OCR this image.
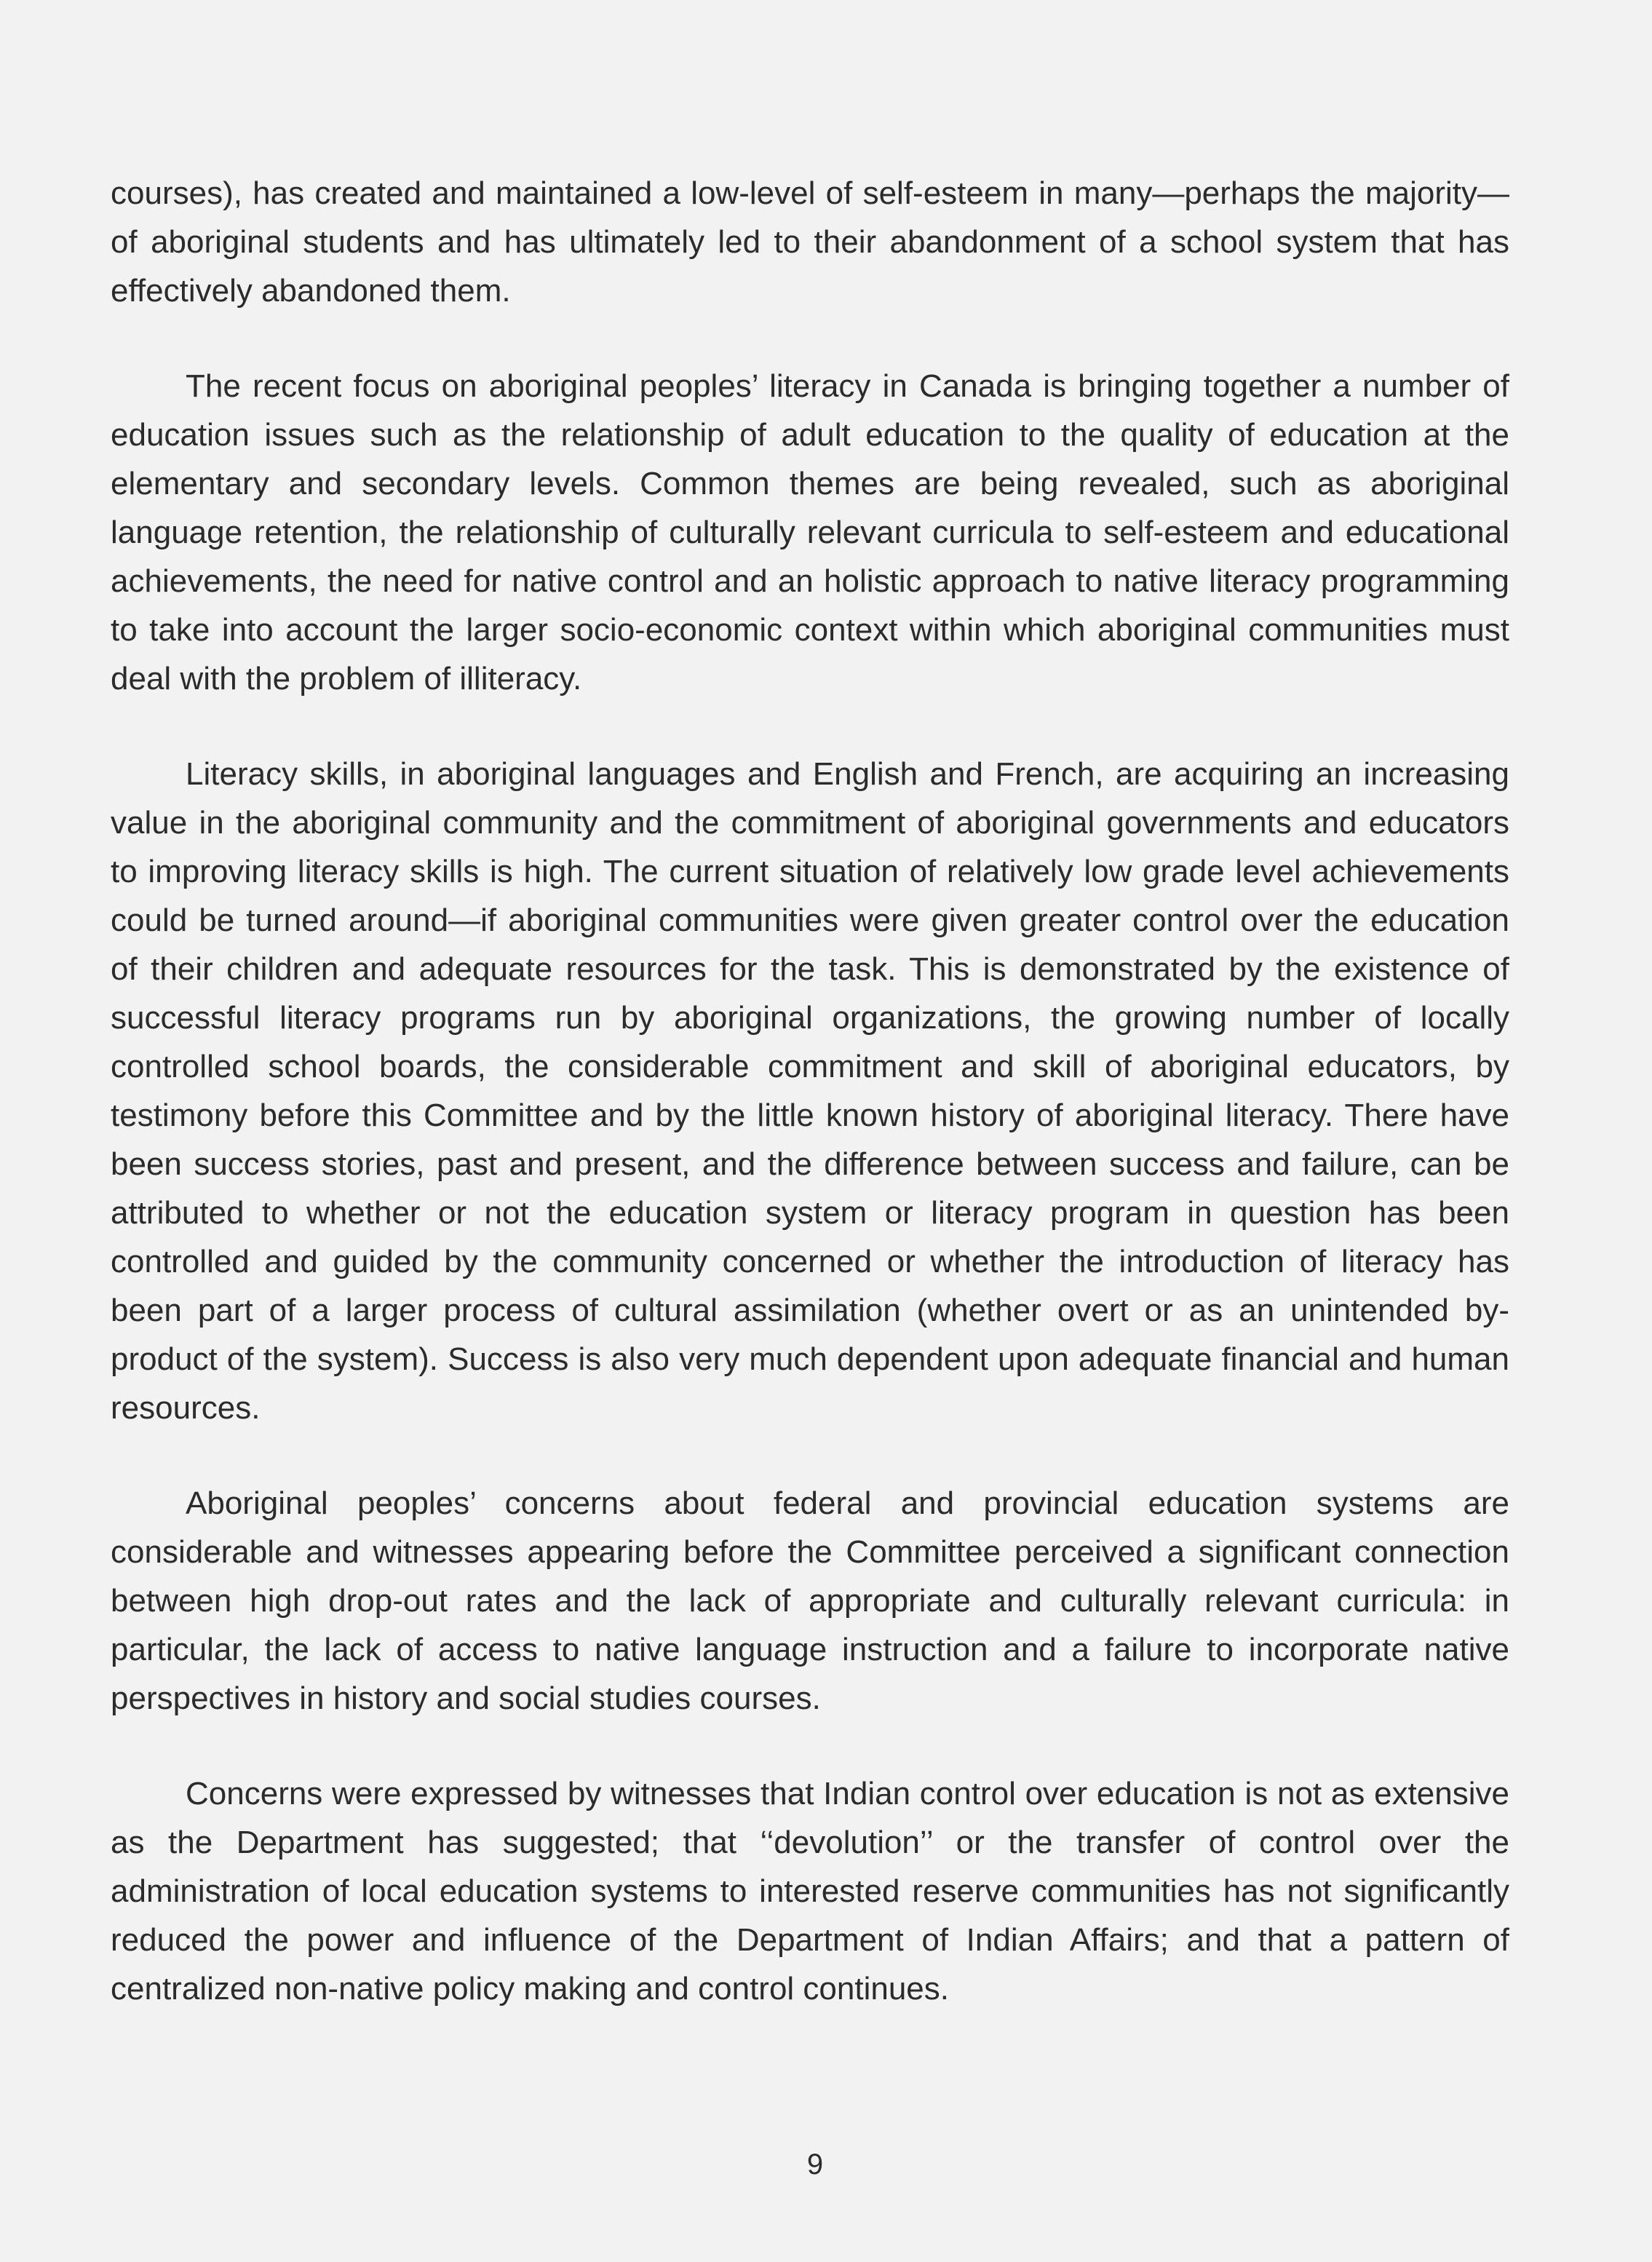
courses), has created and maintained a low-level of self-esteem in many—perhaps the majority—of aboriginal students and has ultimately led to their abandonment of a school system that has effectively abandoned them.

The recent focus on aboriginal peoples’ literacy in Canada is bringing together a number of education issues such as the relationship of adult education to the quality of education at the elementary and secondary levels. Common themes are being revealed, such as aboriginal language retention, the relationship of culturally relevant curricula to self-esteem and educational achievements, the need for native control and an holistic approach to native literacy programming to take into account the larger socio-economic context within which aboriginal communities must deal with the problem of illiteracy.

Literacy skills, in aboriginal languages and English and French, are acquiring an increasing value in the aboriginal community and the commitment of aboriginal governments and educators to improving literacy skills is high. The current situation of relatively low grade level achievements could be turned around—if aboriginal communities were given greater control over the education of their children and adequate resources for the task. This is demonstrated by the existence of successful literacy programs run by aboriginal organizations, the growing number of locally controlled school boards, the considerable commitment and skill of aboriginal educators, by testimony before this Committee and by the little known history of aboriginal literacy. There have been success stories, past and present, and the difference between success and failure, can be attributed to whether or not the education system or literacy program in question has been controlled and guided by the community concerned or whether the introduction of literacy has been part of a larger process of cultural assimilation (whether overt or as an unintended by-product of the system). Success is also very much dependent upon adequate financial and human resources.

Aboriginal peoples’ concerns about federal and provincial education systems are considerable and witnesses appearing before the Committee perceived a significant connection between high drop-out rates and the lack of appropriate and culturally relevant curricula: in particular, the lack of access to native language instruction and a failure to incorporate native perspectives in history and social studies courses.

Concerns were expressed by witnesses that Indian control over education is not as extensive as the Department has suggested; that ‘‘devolution’’ or the transfer of control over the administration of local education systems to interested reserve communities has not significantly reduced the power and influence of the Department of Indian Affairs; and that a pattern of centralized non-native policy making and control continues.

9
